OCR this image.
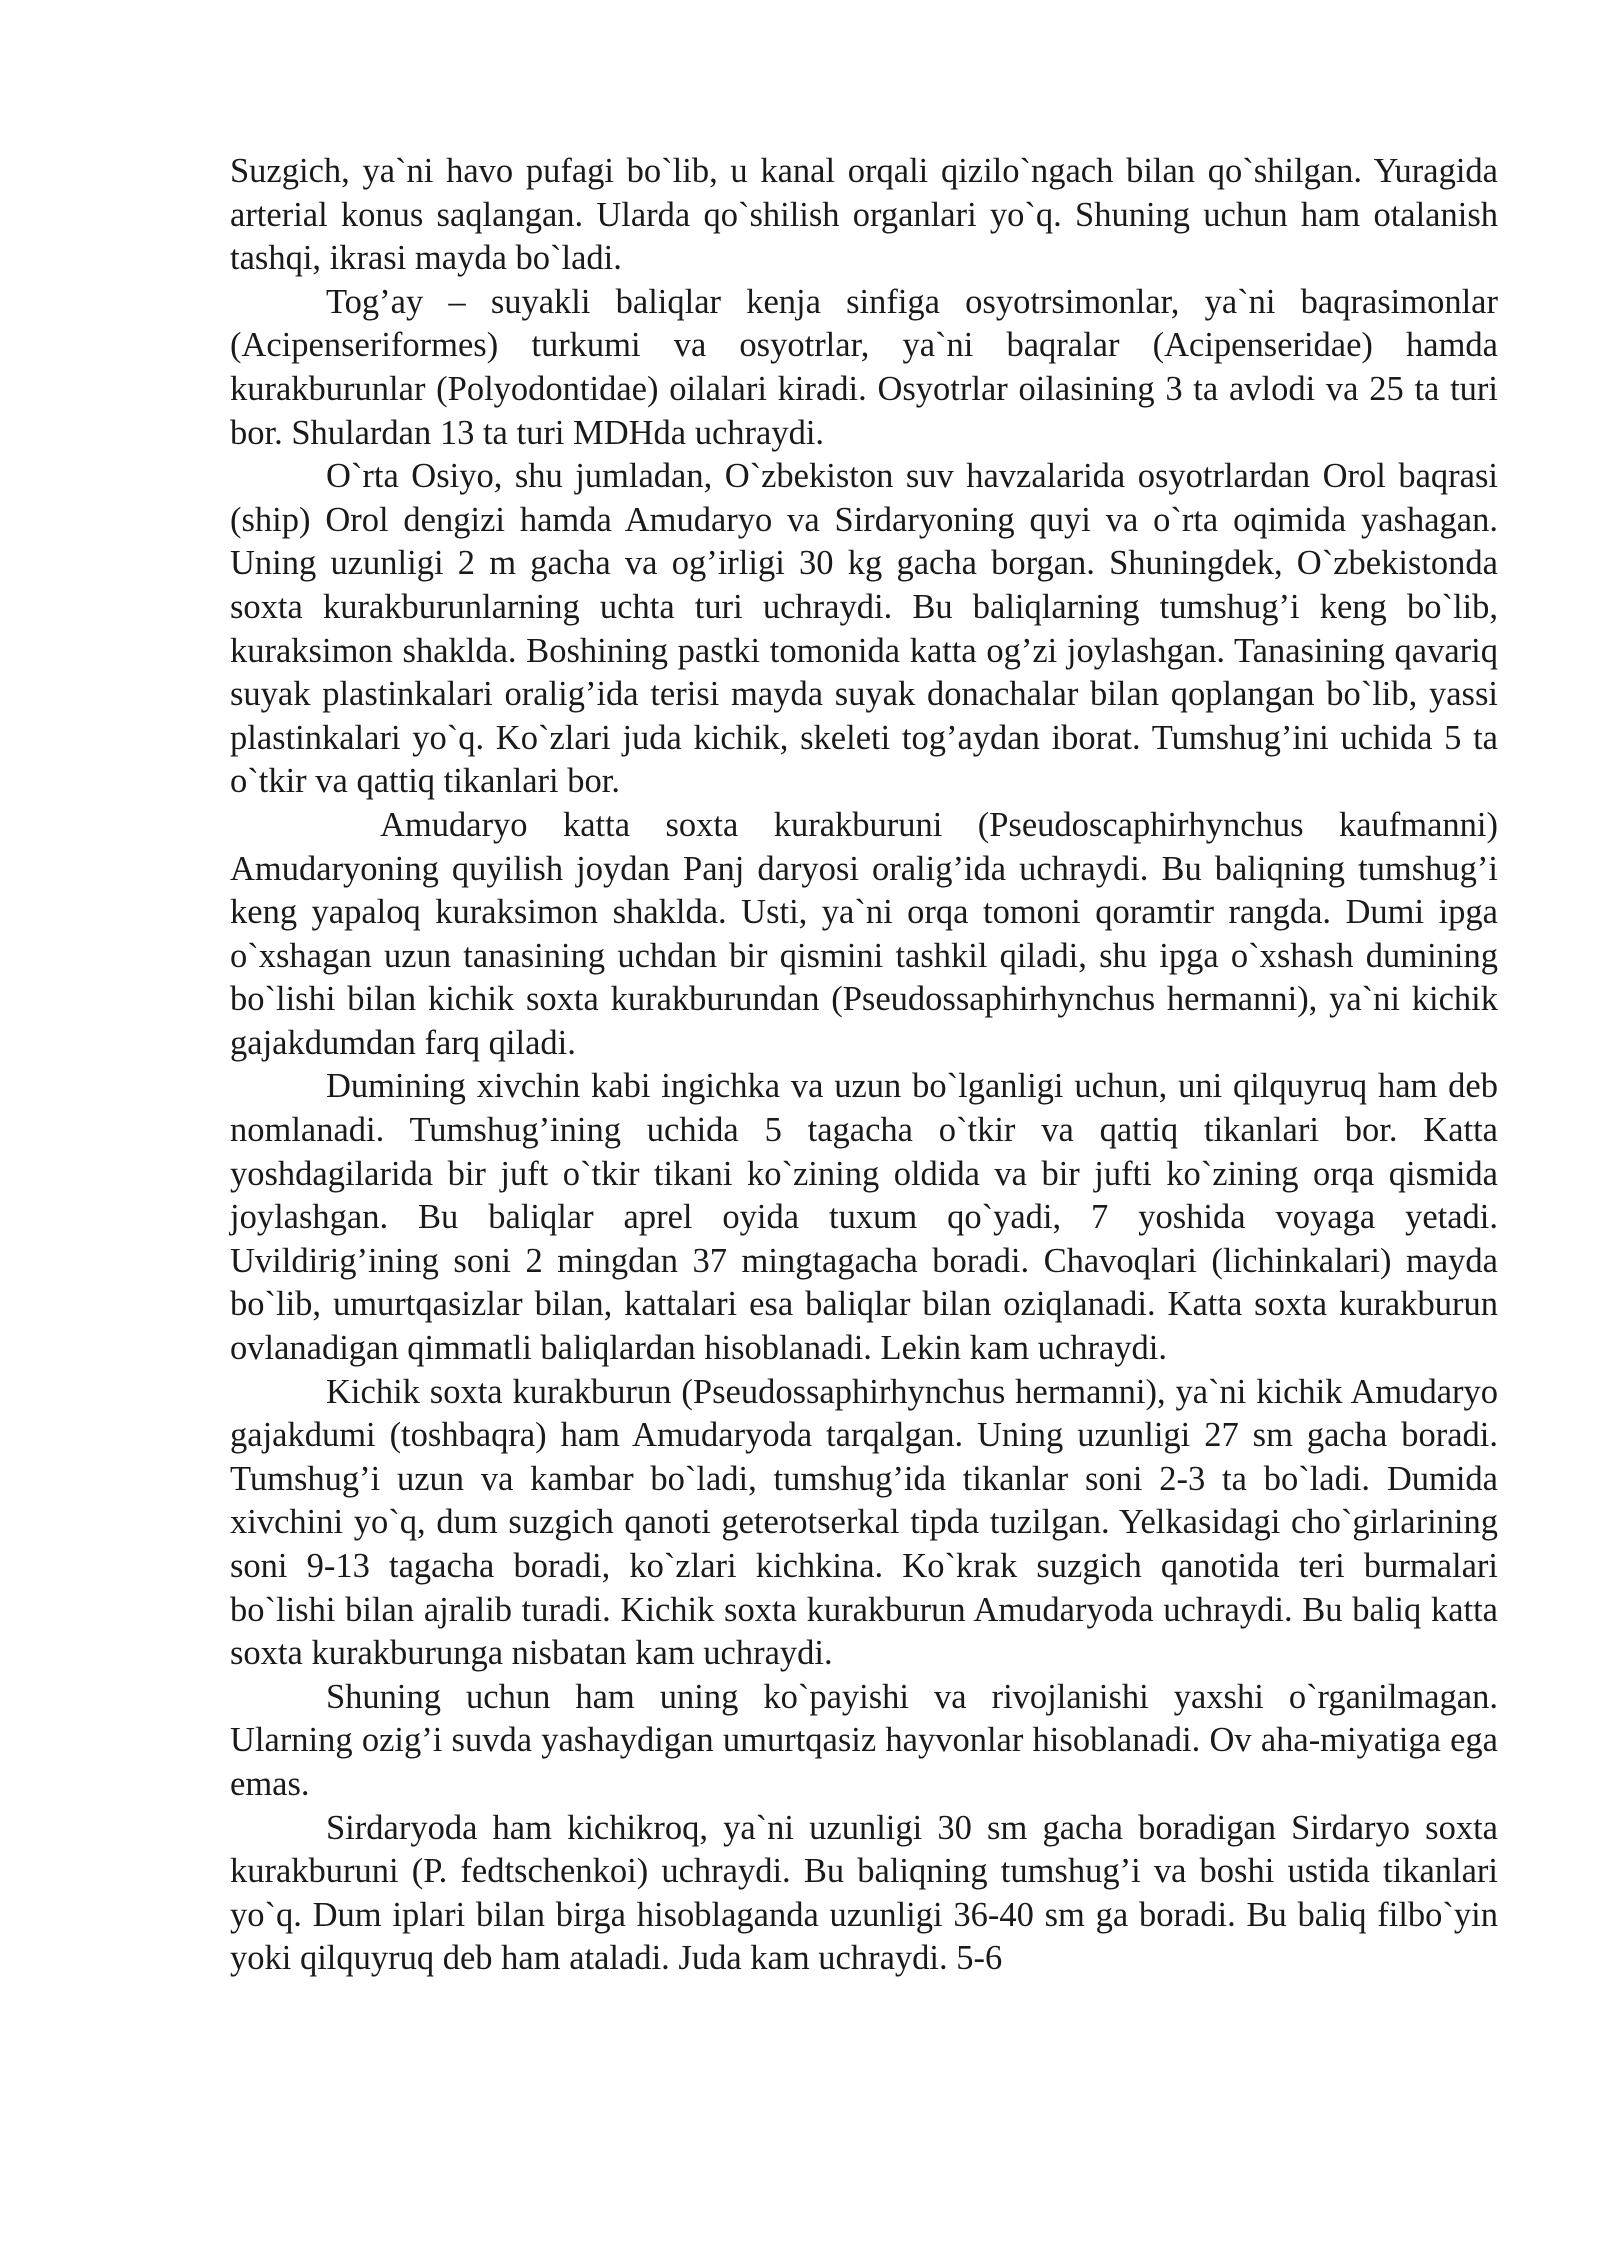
Suzgich, ya`ni havo pufagi bo`lib, u kanal orqali qizilo`ngach bilan qo`shilgan. Yuragida arterial konus saqlangan. Ularda qo`shilish organlari yo`q. Shuning uchun ham otalanish tashqi, ikrasi mayda bo`ladi.

Tog’ay – suyakli baliqlar kenja sinfiga osyotrsimonlar, ya`ni baqrasimonlar (Acipenseriformes) turkumi va osyotrlar, ya`ni baqralar (Acipenseridae) hamda kurakburunlar (Polyodontidae) oilalari kiradi. Osyotrlar oilasining 3 ta avlodi va 25 ta turi bor. Shulardan 13 ta turi MDHda uchraydi.

O`rta Osiyo, shu jumladan, O`zbekiston suv havzalarida osyotrlardan Orol baqrasi (ship) Orol dengizi hamda Amudaryo va Sirdaryoning quyi va o`rta oqimida yashagan. Uning uzunligi 2 m gacha va og’irligi 30 kg gacha borgan. Shuningdek, O`zbekistonda soxta kurakburunlarning uchta turi uchraydi. Bu baliqlarning tumshug’i keng bo`lib, kuraksimon shaklda. Boshining pastki tomonida katta og’zi joylashgan. Tanasining qavariq suyak plastinkalari oralig’ida terisi mayda suyak donachalar bilan qoplangan bo`lib, yassi plastinkalari yo`q. Ko`zlari juda kichik, skeleti tog’aydan iborat. Tumshug’ini uchida 5 ta o`tkir va qattiq tikanlari bor.

Amudaryo katta soxta kurakburuni (Pseudoscaphirhynchus kaufmanni) Amudaryoning quyilish joydan Panj daryosi oralig’ida uchraydi. Bu baliqning tumshug’i keng yapaloq kuraksimon shaklda. Usti, ya`ni orqa tomoni qoramtir rangda. Dumi ipga o`xshagan uzun tanasining uchdan bir qismini tashkil qiladi, shu ipga o`xshash dumining bo`lishi bilan kichik soxta kurakburundan (Pseudossaphirhynchus hermanni), ya`ni kichik gajakdumdan farq qiladi.

Dumining xivchin kabi ingichka va uzun bo`lganligi uchun, uni qilquyruq ham deb nomlanadi. Tumshug’ining uchida 5 tagacha o`tkir va qattiq tikanlari bor. Katta yoshdagilarida bir juft o`tkir tikani ko`zining oldida va bir jufti ko`zining orqa qismida joylashgan. Bu baliqlar aprel oyida tuxum qo`yadi, 7 yoshida voyaga yetadi. Uvildirig’ining soni 2 mingdan 37 mingtagacha boradi. Chavoqlari (lichinkalari) mayda bo`lib, umurtqasizlar bilan, kattalari esa baliqlar bilan oziqlanadi. Katta soxta kurakburun ovlanadigan qimmatli baliqlardan hisoblanadi. Lekin kam uchraydi.

Kichik soxta kurakburun (Pseudossaphirhynchus hermanni), ya`ni kichik Amudaryo gajakdumi (toshbaqra) ham Amudaryoda tarqalgan. Uning uzunligi 27 sm gacha boradi. Tumshug’i uzun va kambar bo`ladi, tumshug’ida tikanlar soni 2-3 ta bo`ladi. Dumida xivchini yo`q, dum suzgich qanoti geterotserkal tipda tuzilgan. Yelkasidagi cho`girlarining soni 9-13 tagacha boradi, ko`zlari kichkina. Ko`krak suzgich qanotida teri burmalari bo`lishi bilan ajralib turadi. Kichik soxta kurakburun Amudaryoda uchraydi. Bu baliq katta soxta kurakburunga nisbatan kam uchraydi.

Shuning uchun ham uning ko`payishi va rivojlanishi yaxshi o`rganilmagan. Ularning ozig’i suvda yashaydigan umurtqasiz hayvonlar hisoblanadi. Ov aha-miyatiga ega emas.

Sirdaryoda ham kichikroq, ya`ni uzunligi 30 sm gacha boradigan Sirdaryo soxta kurakburuni (P. fedtschenkoi) uchraydi. Bu baliqning tumshug’i va boshi ustida tikanlari yo`q. Dum iplari bilan birga hisoblaganda uzunligi 36-40 sm ga boradi. Bu baliq filbo`yin yoki qilquyruq deb ham ataladi. Juda kam uchraydi. 5-6
